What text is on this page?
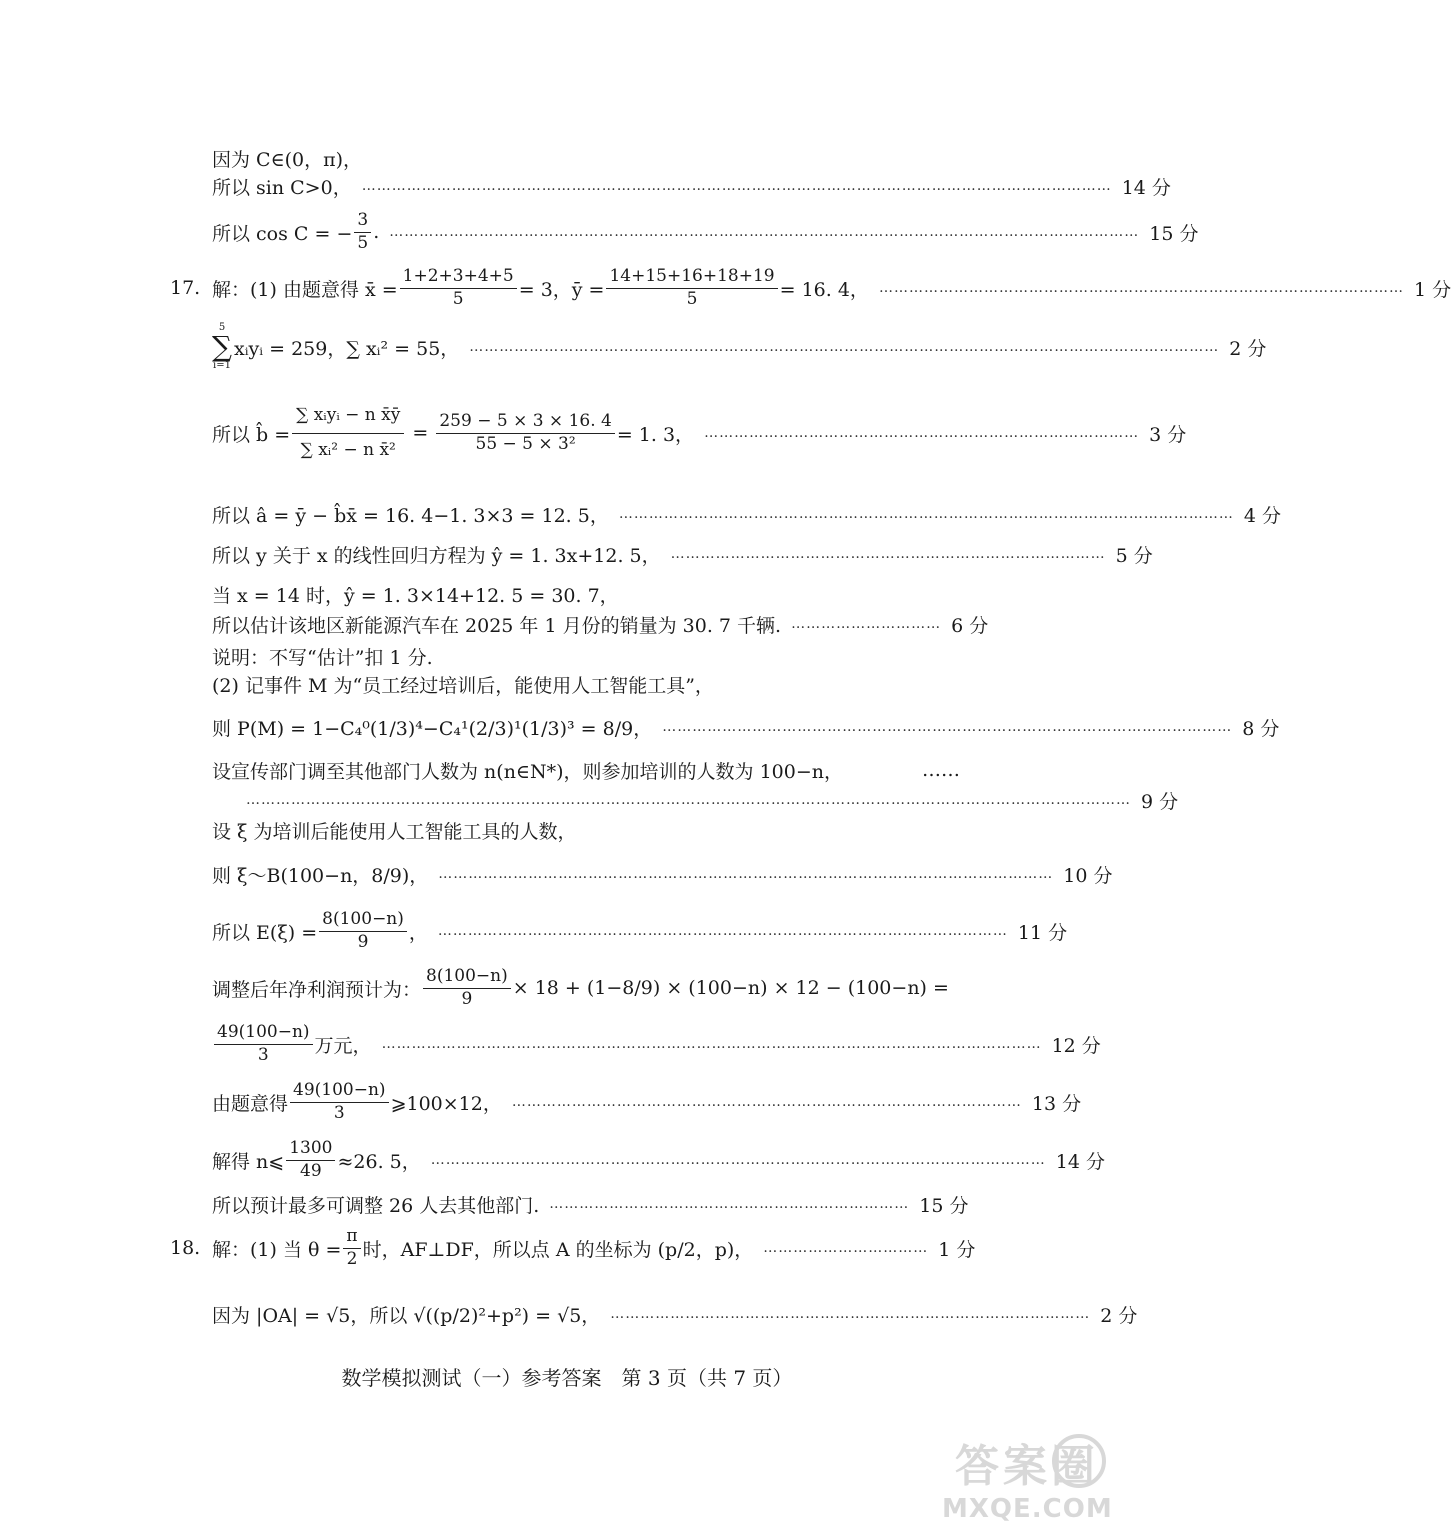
因为 C∈(0，π)，
所以 sin C>0， …………………………………………………………………………………………………………………………………… 14 分
所以 cos C = − $\frac{3}{5}$ . …………………………………………………………………………………………………………………………………… 15 分
17. 解：(1) 由题意得 x̄ = $\frac{1+2+3+4+5}{5} = 3$，ȳ = $\frac{14+15+16+18+19}{5} = 16$. 4， …………………………………………………………………………………………… 1 分
5
∑
i=1
xᵢyᵢ = 259，∑ xᵢ² = 55， …………………………………………………………………………………………………………………………………… 2 分
所以 b̂ = $\frac{\text{∑ xᵢyᵢ − n x̄ȳ}}{\text{∑ xᵢ² − n x̄²}} = \frac{259 - 5 \times 3 \times 16. 4}{\text{55 − 5 × 3²}} = 1$. 3， …………………………………………………………………………… 3 分
所以 â = ȳ − b̂x̄ = 16. 4−1. 3×3 = 12. 5， …………………………………………………………………………………………………………… 4 分
所以 y 关于 x 的线性回归方程为 ŷ = 1. 3x+12. 5， …………………………………………………………………………… 5 分
当 x = 14 时，ŷ = 1. 3×14+12. 5 = 30. 7，
所以估计该地区新能源汽车在 2025 年 1 月份的销量为 30. 7 千辆. ………………………… 6 分
说明：不写“估计”扣 1 分.
(2) 记事件 M 为“员工经过培训后，能使用人工智能工具”，
则 P(M) = 1−C₄⁰(1/3)⁴−C₄¹(2/3)¹(1/3)³ = 8/9， …………………………………………………………………………………………………… 8 分
设宣传部门调至其他部门人数为 n(n∈N*)，则参加培训的人数为 100−n，	……
…………………………………………………………………………………………………………………………………………………………… 9 分
设 ξ 为培训后能使用人工智能工具的人数，
则 ξ～B(100−n，8/9)， …………………………………………………………………………………………………………… 10 分
所以 $E(\xi) = \frac{8(100-n)}{9}$ ， …………………………………………………………………………………………………… 11 分
调整后年净利润预计为： $\frac{8(100-n)}{9} \times 18 + (1-8/9) \times (100-n) \times 12 - (100-n)$ =
$\frac{49(100-n)}{3}$ 万元， …………………………………………………………………………………………………………………… 12 分
由题意得 $\frac{49(100-n)}{3}$ ⩾100×12， ………………………………………………………………………………………… 13 分
解得 n⩽ $\frac{1300}{49} \approx 26$. 5， …………………………………………………………………………………………………………… 14 分
所以预计最多可调整 26 人去其他部门. ……………………………………………………………… 15 分
18. 解：(1) 当 $\theta = \frac{\pi}{2}$ 时，AF⊥DF，所以点 A 的坐标为 (p/2，p)， …………………………… 1 分
因为 |OA| = √5，所以 √((p/2)²+p²) = √5， …………………………………………………………………………………… 2 分
数学模拟测试（一）参考答案　第 3 页（共 7 页）
答案圈
MXQE.COM
